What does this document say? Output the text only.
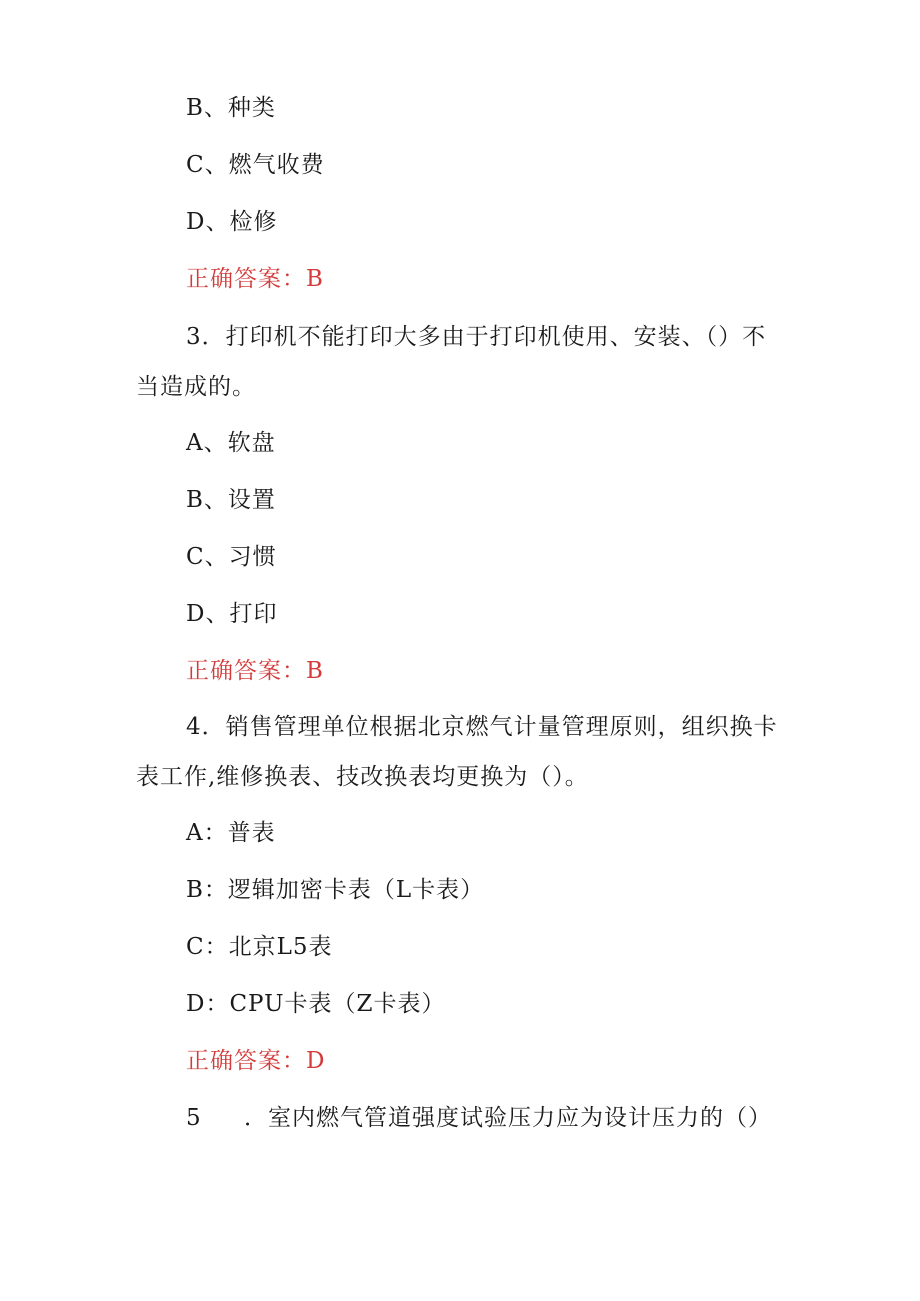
B、种类
C、燃气收费
D、检修
正确答案：B
3．打印机不能打印大多由于打印机使用、安装、（）不
当造成的。
A、软盘
B、设置
C、习惯
D、打印
正确答案：B
4．销售管理单位根据北京燃气计量管理原则，组织换卡
表工作,维修换表、技改换表均更换为（）。
A：普表
B：逻辑加密卡表（L卡表）
C：北京L5表
D：CPU卡表（Z卡表）
正确答案：D
5 ．室内燃气管道强度试验压力应为设计压力的（）
